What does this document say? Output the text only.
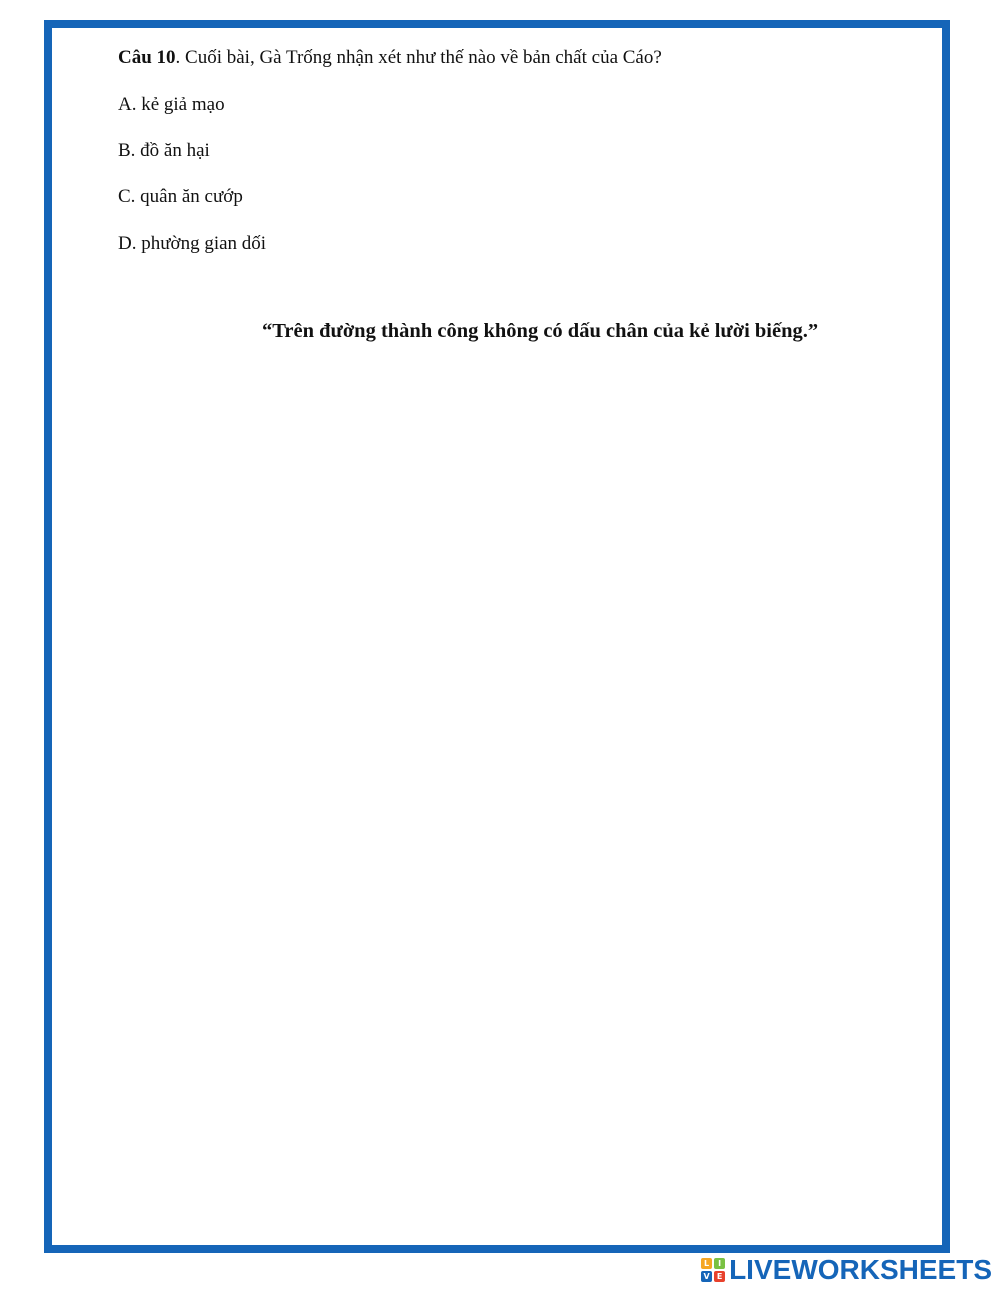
Câu 10. Cuối bài, Gà Trống nhận xét như thế nào về bản chất của Cáo?
A. kẻ giả mạo
B. đồ ăn hại
C. quân ăn cướp
D. phường gian dối
“Trên đường thành công không có dấu chân của kẻ lười biếng.”
L	I
V E LIVEWORKSHEETS
